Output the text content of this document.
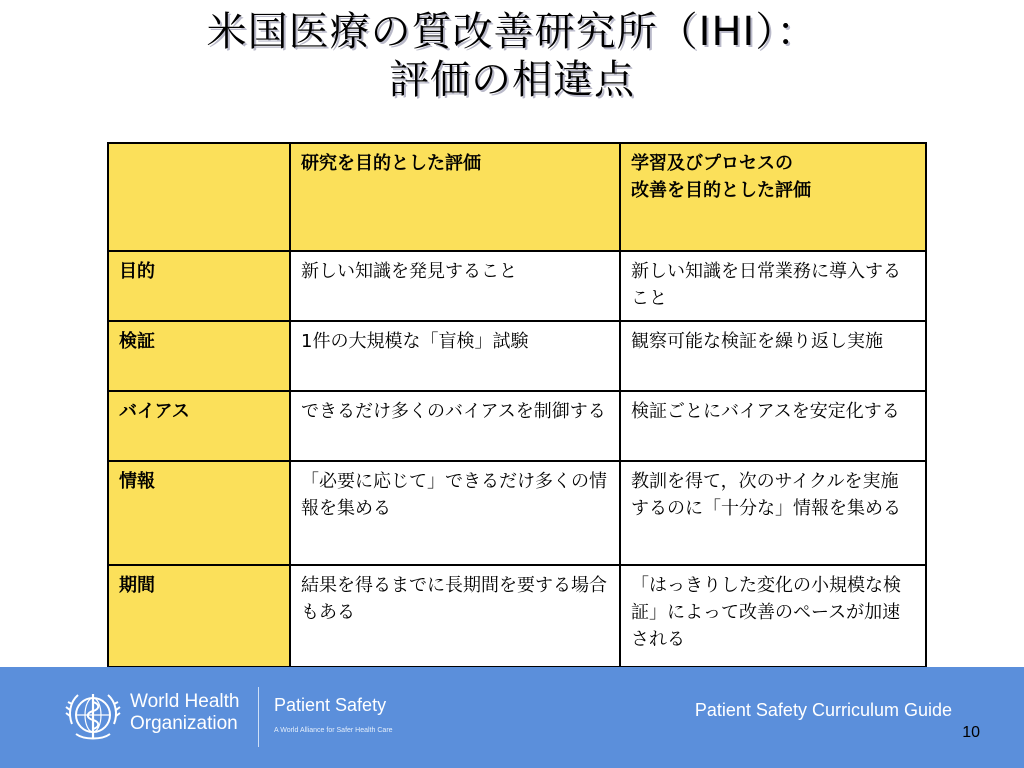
米国医療の質改善研究所（IHI）：
評価の相違点
	研究を目的とした評価	学習及びプロセスの
改善を目的とした評価
目的	新しい知識を発見すること	新しい知識を日常業務に導入すること
検証	1件の大規模な「盲検」試験	観察可能な検証を繰り返し実施
バイアス	できるだけ多くのバイアスを制御する	検証ごとにバイアスを安定化する
情報	「必要に応じて」できるだけ多くの情報を集める	教訓を得て，次のサイクルを実施するのに「十分な」情報を集める
期間	結果を得るまでに長期間を要する場合もある	「はっきりした変化の小規模な検証」によって改善のペースが加速される
World Health
Organization
Patient Safety
A World Alliance for Safer Health Care
Patient Safety Curriculum Guide
10
